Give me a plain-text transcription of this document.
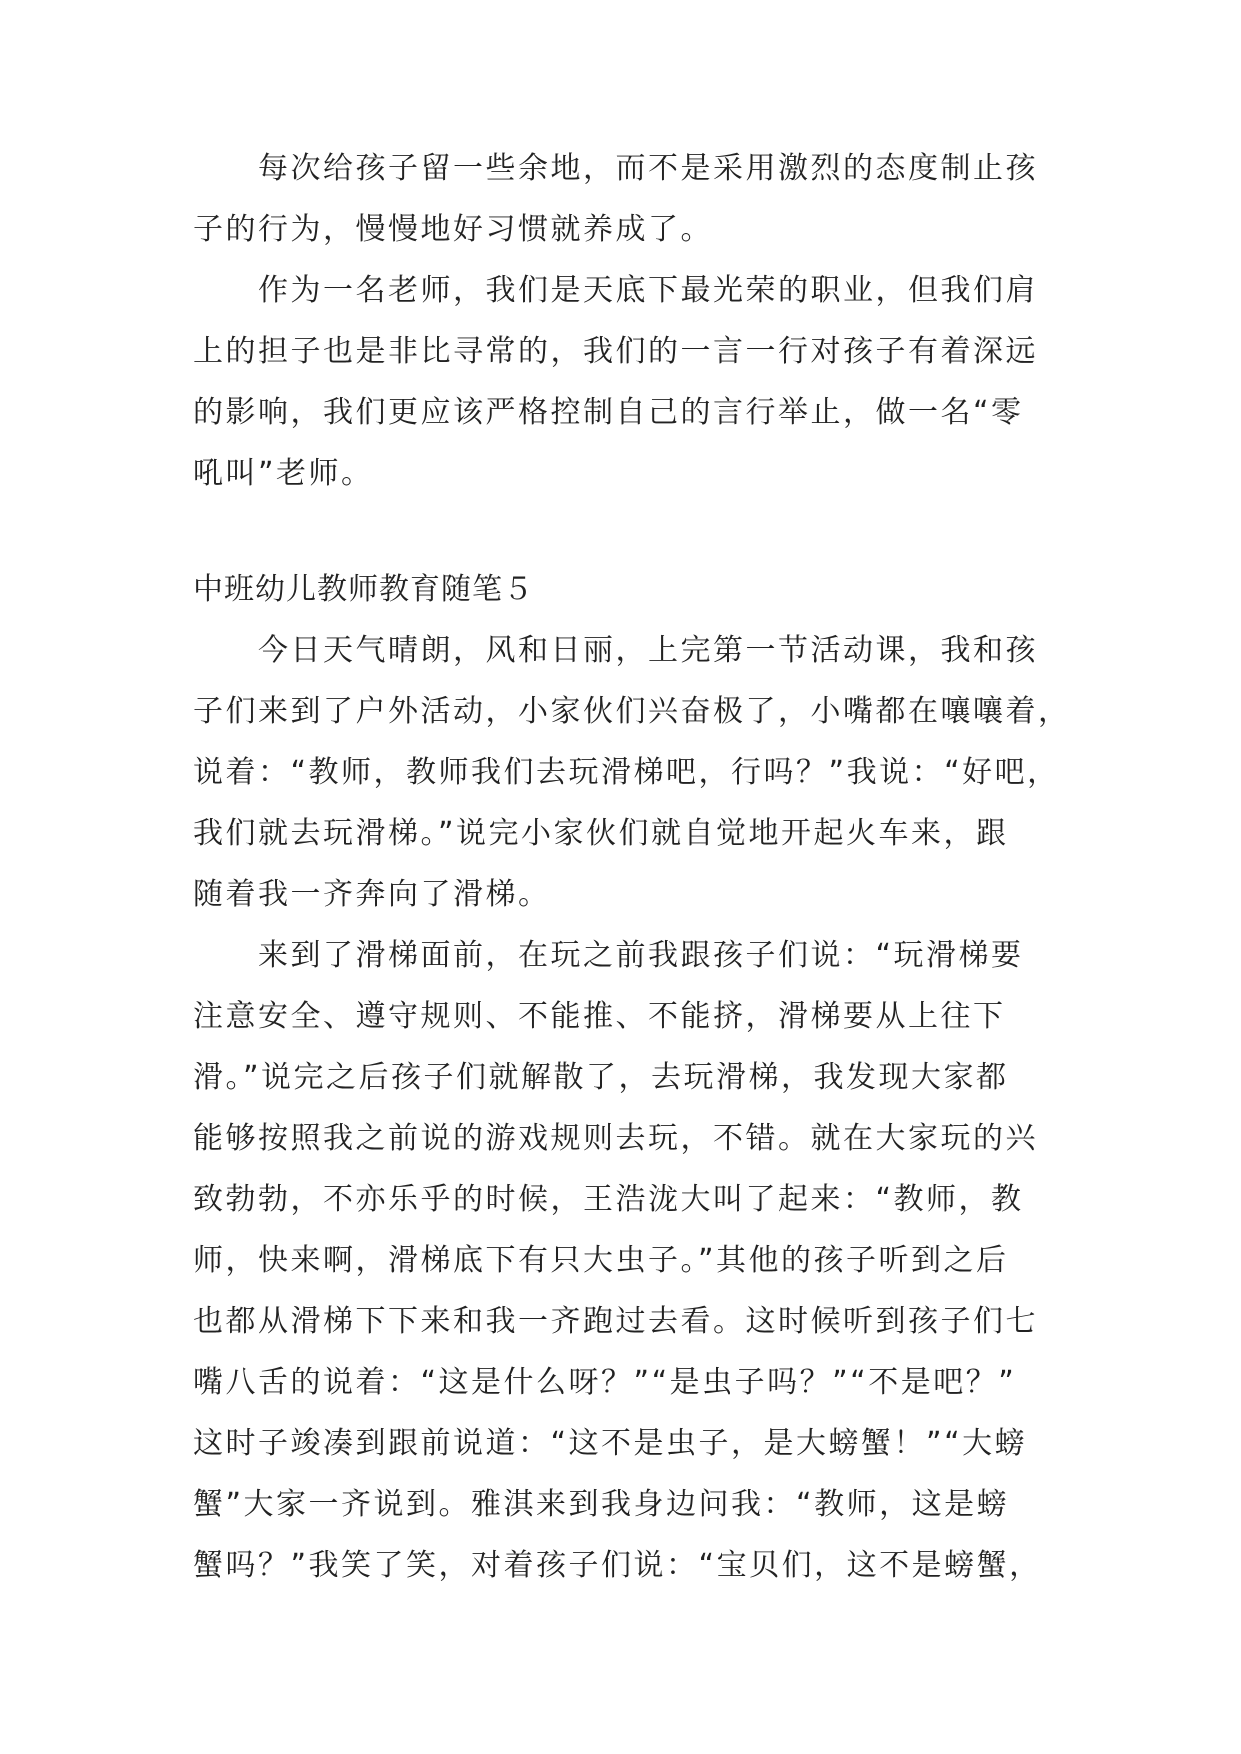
　　每次给孩子留一些余地，而不是采用激烈的态度制止孩
子的行为，慢慢地好习惯就养成了。

　　作为一名老师，我们是天底下最光荣的职业，但我们肩
上的担子也是非比寻常的，我们的一言一行对孩子有着深远
的影响，我们更应该严格控制自己的言行举止，做一名“零
吼叫”老师。

中班幼儿教师教育随笔５

　　今日天气晴朗，风和日丽，上完第一节活动课，我和孩
子们来到了户外活动，小家伙们兴奋极了，小嘴都在嚷嚷着，
说着：“教师，教师我们去玩滑梯吧，行吗？”我说：“好吧，
我们就去玩滑梯。”说完小家伙们就自觉地开起火车来，跟
随着我一齐奔向了滑梯。

　　来到了滑梯面前，在玩之前我跟孩子们说：“玩滑梯要
注意安全、遵守规则、不能推、不能挤，滑梯要从上往下
滑。”说完之后孩子们就解散了，去玩滑梯，我发现大家都
能够按照我之前说的游戏规则去玩，不错。就在大家玩的兴
致勃勃，不亦乐乎的时候，王浩泷大叫了起来：“教师，教
师，快来啊，滑梯底下有只大虫子。”其他的孩子听到之后
也都从滑梯下下来和我一齐跑过去看。这时候听到孩子们七
嘴八舌的说着：“这是什么呀？”“是虫子吗？”“不是吧？”
这时子竣凑到跟前说道：“这不是虫子，是大螃蟹！”“大螃
蟹”大家一齐说到。雅淇来到我身边问我：“教师，这是螃
蟹吗？”我笑了笑，对着孩子们说：“宝贝们，这不是螃蟹，
